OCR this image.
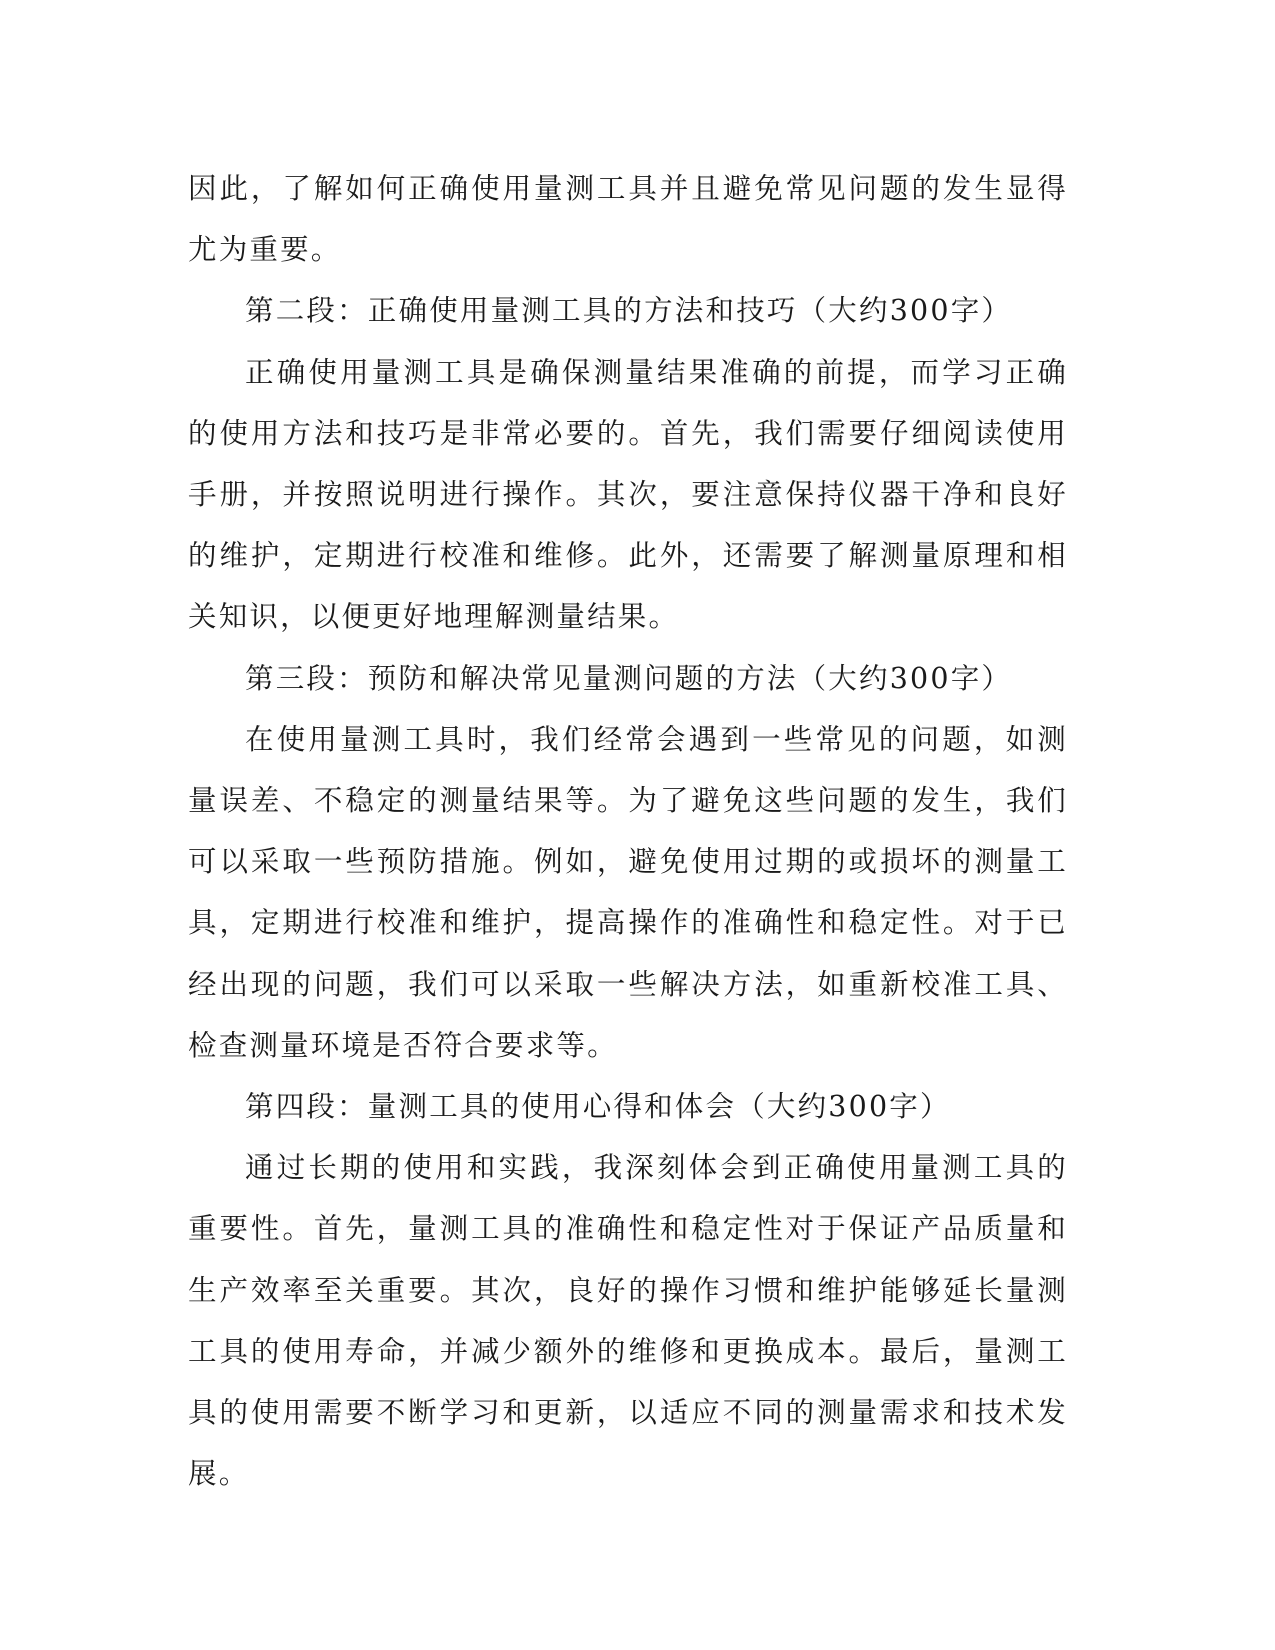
因此，了解如何正确使用量测工具并且避免常见问题的发生显得尤为重要。

第二段：正确使用量测工具的方法和技巧（大约300字）

正确使用量测工具是确保测量结果准确的前提，而学习正确的使用方法和技巧是非常必要的。首先，我们需要仔细阅读使用手册，并按照说明进行操作。其次，要注意保持仪器干净和良好的维护，定期进行校准和维修。此外，还需要了解测量原理和相关知识，以便更好地理解测量结果。

第三段：预防和解决常见量测问题的方法（大约300字）

在使用量测工具时，我们经常会遇到一些常见的问题，如测量误差、不稳定的测量结果等。为了避免这些问题的发生，我们可以采取一些预防措施。例如，避免使用过期的或损坏的测量工具，定期进行校准和维护，提高操作的准确性和稳定性。对于已经出现的问题，我们可以采取一些解决方法，如重新校准工具、检查测量环境是否符合要求等。

第四段：量测工具的使用心得和体会（大约300字）

通过长期的使用和实践，我深刻体会到正确使用量测工具的重要性。首先，量测工具的准确性和稳定性对于保证产品质量和生产效率至关重要。其次，良好的操作习惯和维护能够延长量测工具的使用寿命，并减少额外的维修和更换成本。最后，量测工具的使用需要不断学习和更新，以适应不同的测量需求和技术发展。
